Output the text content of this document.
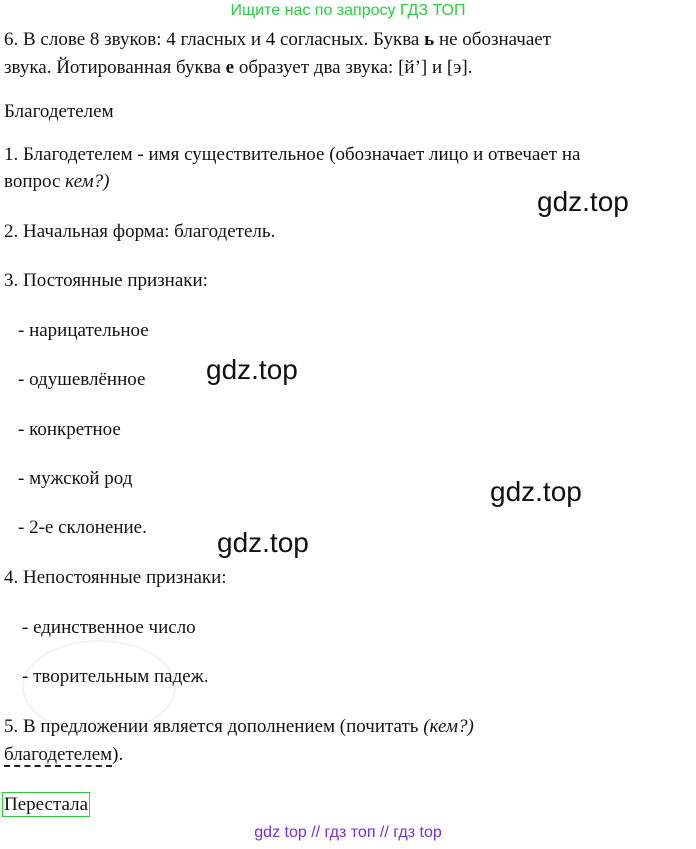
Ищите нас по запросу ГДЗ ТОП
6. В слове 8 звуков: 4 гласных и 4 согласных. Буква ь не обозначает
звука. Йотированная буква е образует два звука: [й’] и [э].
Благодетелем
1. Благодетелем - имя существительное (обозначает лицо и отвечает на
вопрос кем?)
gdz.top
2. Начальная форма: благодетель.
3. Постоянные признаки:
- нарицательное
- одушевлённое gdz.top
- конкретное
- мужской род	gdz.top
- 2-е склонение.	gdz.top
4. Непостоянные признаки:
- единственное число
- творительным падеж.
5. В предложении является дополнением (почитать (кем?)
благодетелем).
Перестала
gdz top // гдз топ // гдз top
